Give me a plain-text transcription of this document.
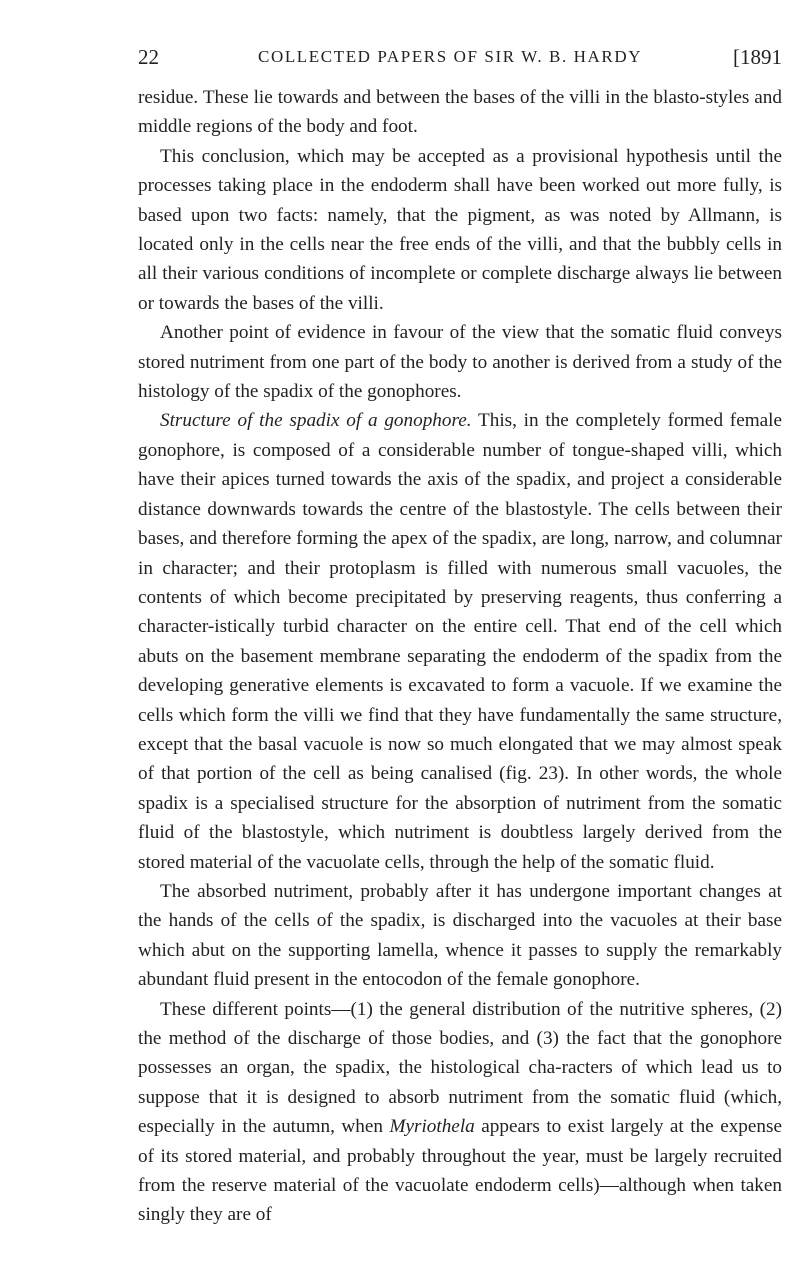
22	COLLECTED PAPERS OF SIR W. B. HARDY	[1891

residue. These lie towards and between the bases of the villi in the blasto-styles and middle regions of the body and foot.

This conclusion, which may be accepted as a provisional hypothesis until the processes taking place in the endoderm shall have been worked out more fully, is based upon two facts: namely, that the pigment, as was noted by Allmann, is located only in the cells near the free ends of the villi, and that the bubbly cells in all their various conditions of incomplete or complete discharge always lie between or towards the bases of the villi.

Another point of evidence in favour of the view that the somatic fluid conveys stored nutriment from one part of the body to another is derived from a study of the histology of the spadix of the gonophores.

Structure of the spadix of a gonophore. This, in the completely formed female gonophore, is composed of a considerable number of tongue-shaped villi, which have their apices turned towards the axis of the spadix, and project a considerable distance downwards towards the centre of the blastostyle. The cells between their bases, and therefore forming the apex of the spadix, are long, narrow, and columnar in character; and their protoplasm is filled with numerous small vacuoles, the contents of which become precipitated by preserving reagents, thus conferring a character-istically turbid character on the entire cell. That end of the cell which abuts on the basement membrane separating the endoderm of the spadix from the developing generative elements is excavated to form a vacuole. If we examine the cells which form the villi we find that they have fundamentally the same structure, except that the basal vacuole is now so much elongated that we may almost speak of that portion of the cell as being canalised (fig. 23). In other words, the whole spadix is a specialised structure for the absorption of nutriment from the somatic fluid of the blastostyle, which nutriment is doubtless largely derived from the stored material of the vacuolate cells, through the help of the somatic fluid.

The absorbed nutriment, probably after it has undergone important changes at the hands of the cells of the spadix, is discharged into the vacuoles at their base which abut on the supporting lamella, whence it passes to supply the remarkably abundant fluid present in the entocodon of the female gonophore.

These different points—(1) the general distribution of the nutritive spheres, (2) the method of the discharge of those bodies, and (3) the fact that the gonophore possesses an organ, the spadix, the histological cha-racters of which lead us to suppose that it is designed to absorb nutriment from the somatic fluid (which, especially in the autumn, when Myriothela appears to exist largely at the expense of its stored material, and probably throughout the year, must be largely recruited from the reserve material of the vacuolate endoderm cells)—although when taken singly they are of
